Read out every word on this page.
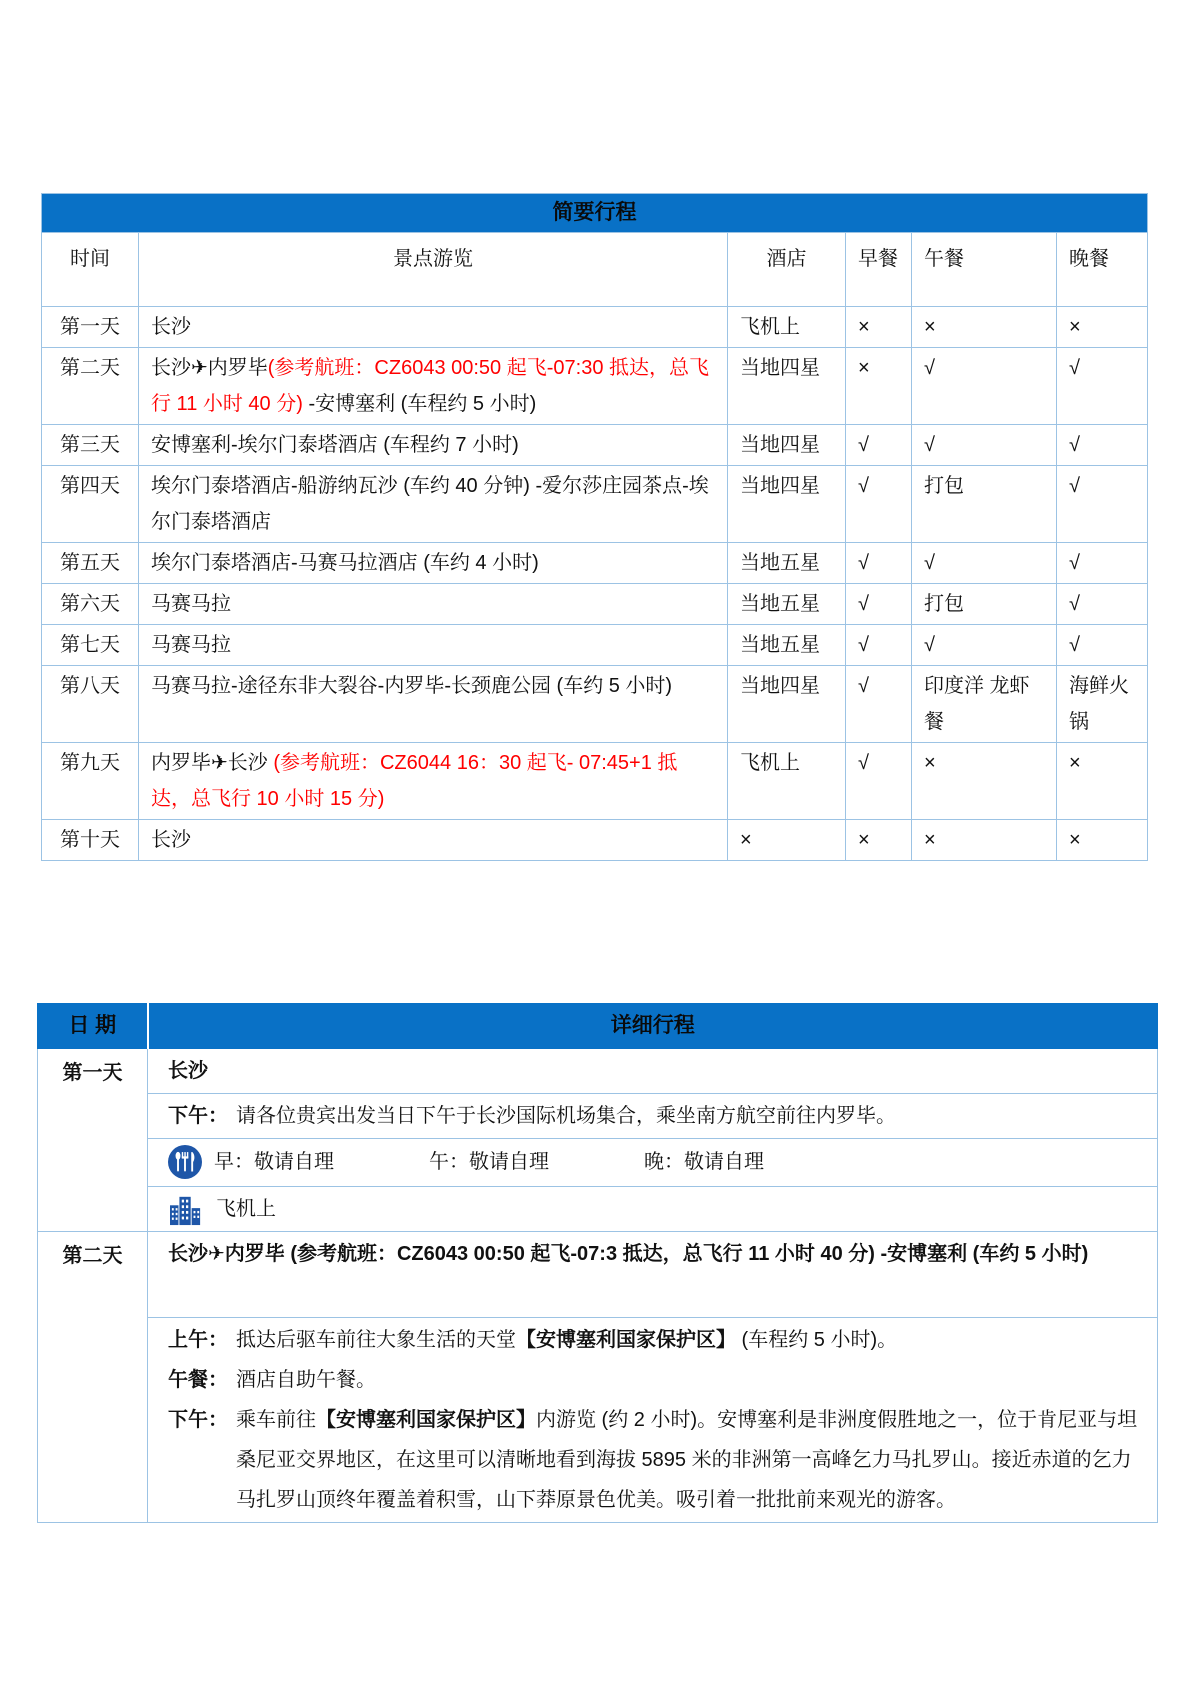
简要行程					
时间	景点游览	酒店	早餐	午餐	晚餐
第一天	长沙	飞机上	×	×	×
第二天	长沙✈内罗毕(参考航班：CZ6043 00:50 起飞-07:30 抵达，总飞行 11 小时 40 分) -安博塞利 (车程约 5 小时)	当地四星	×	√	√
第三天	安博塞利-埃尔门泰塔酒店 (车程约 7 小时)	当地四星	√	√	√
第四天	埃尔门泰塔酒店-船游纳瓦沙 (车约 40 分钟) -爱尔莎庄园茶点-埃尔门泰塔酒店	当地四星	√	打包	√
第五天	埃尔门泰塔酒店-马赛马拉酒店 (车约 4 小时)	当地五星	√	√	√
第六天	马赛马拉	当地五星	√	打包	√
第七天	马赛马拉	当地五星	√	√	√
第八天	马赛马拉-途径东非大裂谷-内罗毕-长颈鹿公园 (车约 5 小时)	当地四星	√	印度洋 龙虾餐	海鲜火锅
第九天	内罗毕✈长沙 (参考航班：CZ6044 16：30 起飞- 07:45+1 抵达，总飞行 10 小时 15 分)	飞机上	√	×	×
第十天	长沙	×	×	×	×
日 期	详细行程
第一天	长沙
	下午： 请各位贵宾出发当日下午于长沙国际机场集合，乘坐南方航空前往内罗毕。
	早：敬请自理 午：敬请自理 晚：敬请自理
	飞机上
第二天	长沙✈内罗毕 (参考航班：CZ6043 00:50 起飞-07:3 抵达，总飞行 11 小时 40 分) -安博塞利 (车约 5 小时)

上午： 抵达后驱车前往大象生活的天堂【安博塞利国家保护区】 (车程约 5 小时)。
午餐： 酒店自助午餐。
下午： 乘车前往【安博塞利国家保护区】内游览 (约 2 小时)。安博塞利是非洲度假胜地之一，位于肯尼亚与坦桑尼亚交界地区，在这里可以清晰地看到海拔 5895 米的非洲第一高峰乞力马扎罗山。接近赤道的乞力马扎罗山顶终年覆盖着积雪，山下莽原景色优美。吸引着一批批前来观光的游客。
